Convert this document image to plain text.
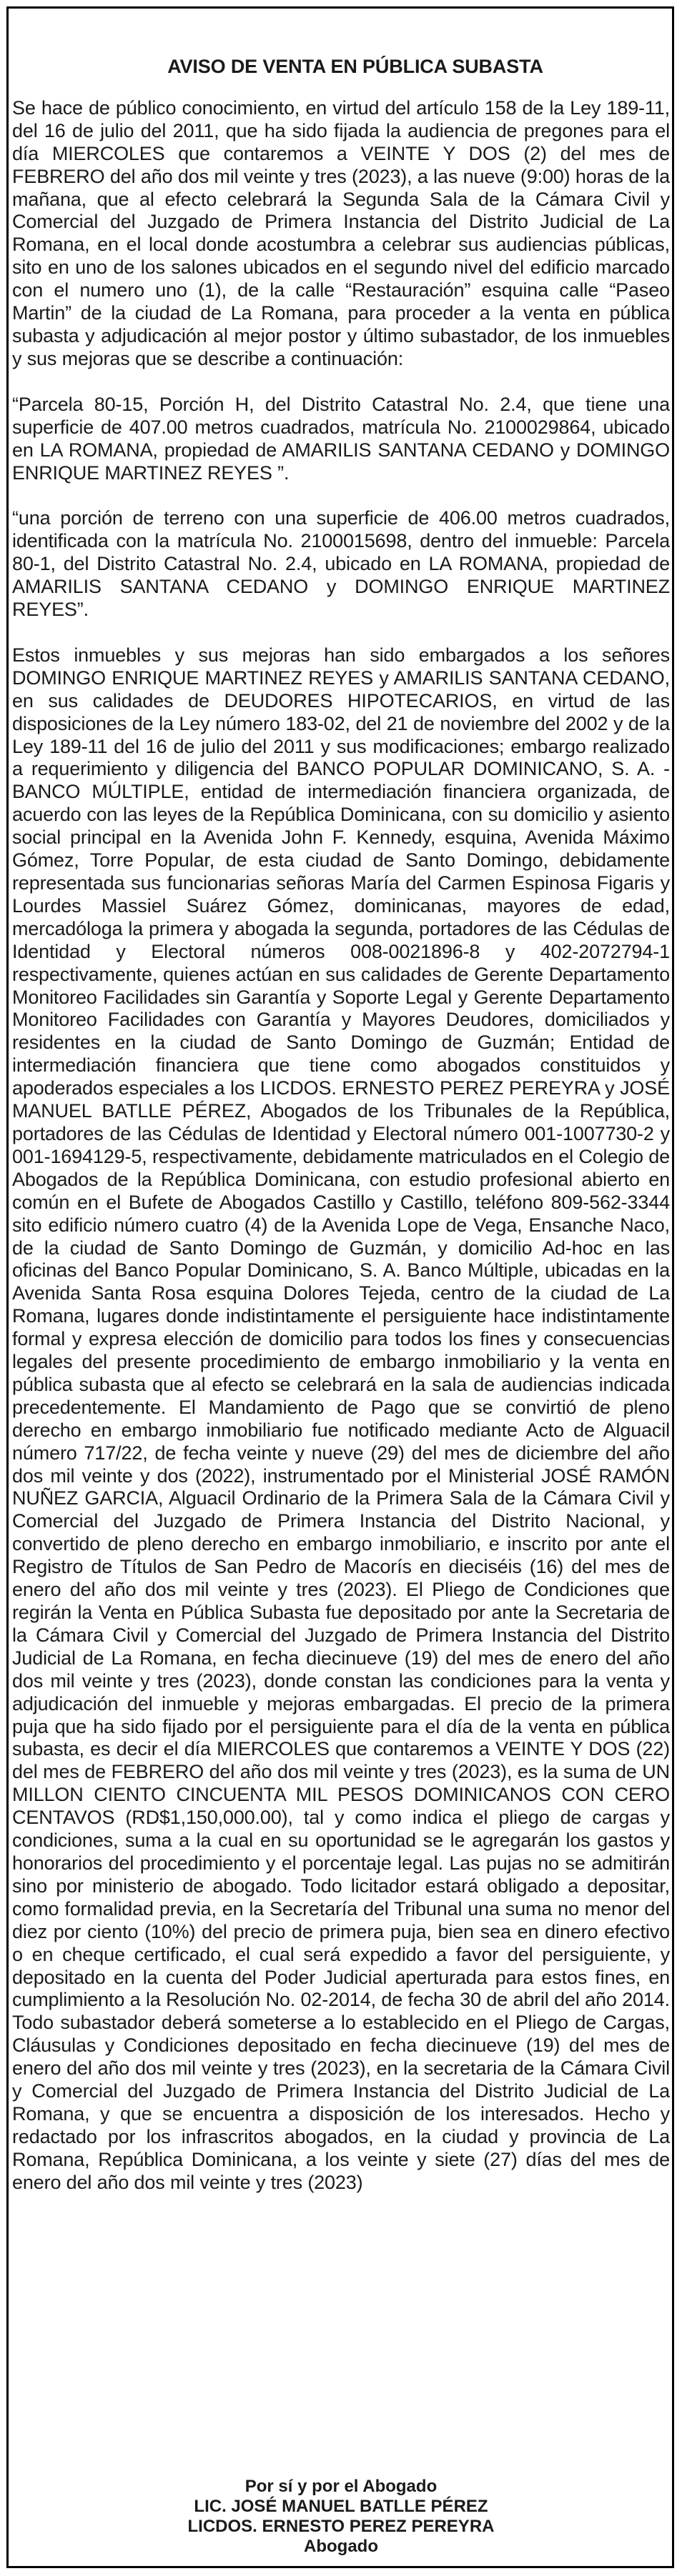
AVISO DE VENTA EN PÚBLICA SUBASTA

Se hace de público conocimiento, en virtud del artículo 158 de la Ley 189-11, del 16 de julio del 2011, que ha sido fijada la audiencia de pregones para el día MIERCOLES que contaremos a VEINTE Y DOS (2) del mes de FEBRERO del año dos mil veinte y tres (2023), a las nueve (9:00) horas de la mañana, que al efecto celebrará la Segunda Sala de la Cámara Civil y Comercial del Juzgado de Primera Instancia del Distrito Judicial de La Romana, en el local donde acostumbra a celebrar sus audiencias públicas, sito en uno de los salones ubicados en el segundo nivel del edificio marcado con el numero uno (1), de la calle “Restauración” esquina calle “Paseo Martin” de la ciudad de La Romana, para proceder a la venta en pública subasta y adjudicación al mejor postor y último subastador, de los inmuebles y sus mejoras que se describe a continuación:

“Parcela 80-15, Porción H, del Distrito Catastral No. 2.4, que tiene una superficie de 407.00 metros cuadrados, matrícula No. 2100029864, ubicado en LA ROMANA, propiedad de AMARILIS SANTANA CEDANO y DOMINGO ENRIQUE MARTINEZ REYES ”.

“una porción de terreno con una superficie de 406.00 metros cuadrados, identificada con la matrícula No. 2100015698, dentro del inmueble: Parcela 80-1, del Distrito Catastral No. 2.4, ubicado en LA ROMANA, propiedad de AMARILIS SANTANA CEDANO y DOMINGO ENRIQUE MARTINEZ REYES”.

Estos inmuebles y sus mejoras han sido embargados a los señores DOMINGO ENRIQUE MARTINEZ REYES y AMARILIS SANTANA CEDANO, en sus calidades de DEUDORES HIPOTECARIOS, en virtud de las disposiciones de la Ley número 183-02, del 21 de noviembre del 2002 y de la Ley 189-11 del 16 de julio del 2011 y sus modificaciones; embargo realizado a requerimiento y diligencia del BANCO POPULAR DOMINICANO, S. A. - BANCO MÚLTIPLE, entidad de intermediación financiera organizada, de acuerdo con las leyes de la República Dominicana, con su domicilio y asiento social principal en la Avenida John F. Kennedy, esquina, Avenida Máximo Gómez, Torre Popular, de esta ciudad de Santo Domingo, debidamente representada sus funcionarias señoras María del Carmen Espinosa Figaris y Lourdes Massiel Suárez Gómez, dominicanas, mayores de edad, mercadóloga la primera y abogada la segunda, portadores de las Cédulas de Identidad y Electoral números 008-0021896-8 y 402-2072794-1 respectivamente, quienes actúan en sus calidades de Gerente Departamento Monitoreo Facilidades sin Garantía y Soporte Legal y Gerente Departamento Monitoreo Facilidades con Garantía y Mayores Deudores, domiciliados y residentes en la ciudad de Santo Domingo de Guzmán; Entidad de intermediación financiera que tiene como abogados constituidos y apoderados especiales a los LICDOS. ERNESTO PEREZ PEREYRA y JOSÉ MANUEL BATLLE PÉREZ, Abogados de los Tribunales de la República, portadores de las Cédulas de Identidad y Electoral número 001-1007730-2 y 001-1694129-5, respectivamente, debidamente matriculados en el Colegio de Abogados de la República Dominicana, con estudio profesional abierto en común en el Bufete de Abogados Castillo y Castillo, teléfono 809-562-3344 sito edificio número cuatro (4) de la Avenida Lope de Vega, Ensanche Naco, de la ciudad de Santo Domingo de Guzmán, y domicilio Ad-hoc en las oficinas del Banco Popular Dominicano, S. A. Banco Múltiple, ubicadas en la Avenida Santa Rosa esquina Dolores Tejeda, centro de la ciudad de La Romana, lugares donde indistintamente el persiguiente hace indistintamente formal y expresa elección de domicilio para todos los fines y consecuencias legales del presente procedimiento de embargo inmobiliario y la venta en pública subasta que al efecto se celebrará en la sala de audiencias indicada precedentemente. El Mandamiento de Pago que se convirtió de pleno derecho en embargo inmobiliario fue notificado mediante Acto de Alguacil número 717/22, de fecha veinte y nueve (29) del mes de diciembre del año dos mil veinte y dos (2022), instrumentado por el Ministerial JOSÉ RAMÓN NUÑEZ GARCIA, Alguacil Ordinario de la Primera Sala de la Cámara Civil y Comercial del Juzgado de Primera Instancia del Distrito Nacional, y convertido de pleno derecho en embargo inmobiliario, e inscrito por ante el Registro de Títulos de San Pedro de Macorís en dieciséis (16) del mes de enero del año dos mil veinte y tres (2023). El Pliego de Condiciones que regirán la Venta en Pública Subasta fue depositado por ante la Secretaria de la Cámara Civil y Comercial del Juzgado de Primera Instancia del Distrito Judicial de La Romana, en fecha diecinueve (19) del mes de enero del año dos mil veinte y tres (2023), donde constan las condiciones para la venta y adjudicación del inmueble y mejoras embargadas. El precio de la primera puja que ha sido fijado por el persiguiente para el día de la venta en pública subasta, es decir el día MIERCOLES que contaremos a VEINTE Y DOS (22) del mes de FEBRERO del año dos mil veinte y tres (2023), es la suma de UN MILLON CIENTO CINCUENTA MIL PESOS DOMINICANOS CON CERO CENTAVOS (RD$1,150,000.00), tal y como indica el pliego de cargas y condiciones, suma a la cual en su oportunidad se le agregarán los gastos y honorarios del procedimiento y el porcentaje legal. Las pujas no se admitirán sino por ministerio de abogado. Todo licitador estará obligado a depositar, como formalidad previa, en la Secretaría del Tribunal una suma no menor del diez por ciento (10%) del precio de primera puja, bien sea en dinero efectivo o en cheque certificado, el cual será expedido a favor del persiguiente, y depositado en la cuenta del Poder Judicial aperturada para estos fines, en cumplimiento a la Resolución No. 02-2014, de fecha 30 de abril del año 2014. Todo subastador deberá someterse a lo establecido en el Pliego de Cargas, Cláusulas y Condiciones depositado en fecha diecinueve (19) del mes de enero del año dos mil veinte y tres (2023), en la secretaria de la Cámara Civil y Comercial del Juzgado de Primera Instancia del Distrito Judicial de La Romana, y que se encuentra a disposición de los interesados. Hecho y redactado por los infrascritos abogados, en la ciudad y provincia de La Romana, República Dominicana, a los veinte y siete (27) días del mes de enero del año dos mil veinte y tres (2023)

Por sí y por el Abogado
LIC. JOSÉ MANUEL BATLLE PÉREZ
LICDOS. ERNESTO PEREZ PEREYRA
Abogado
